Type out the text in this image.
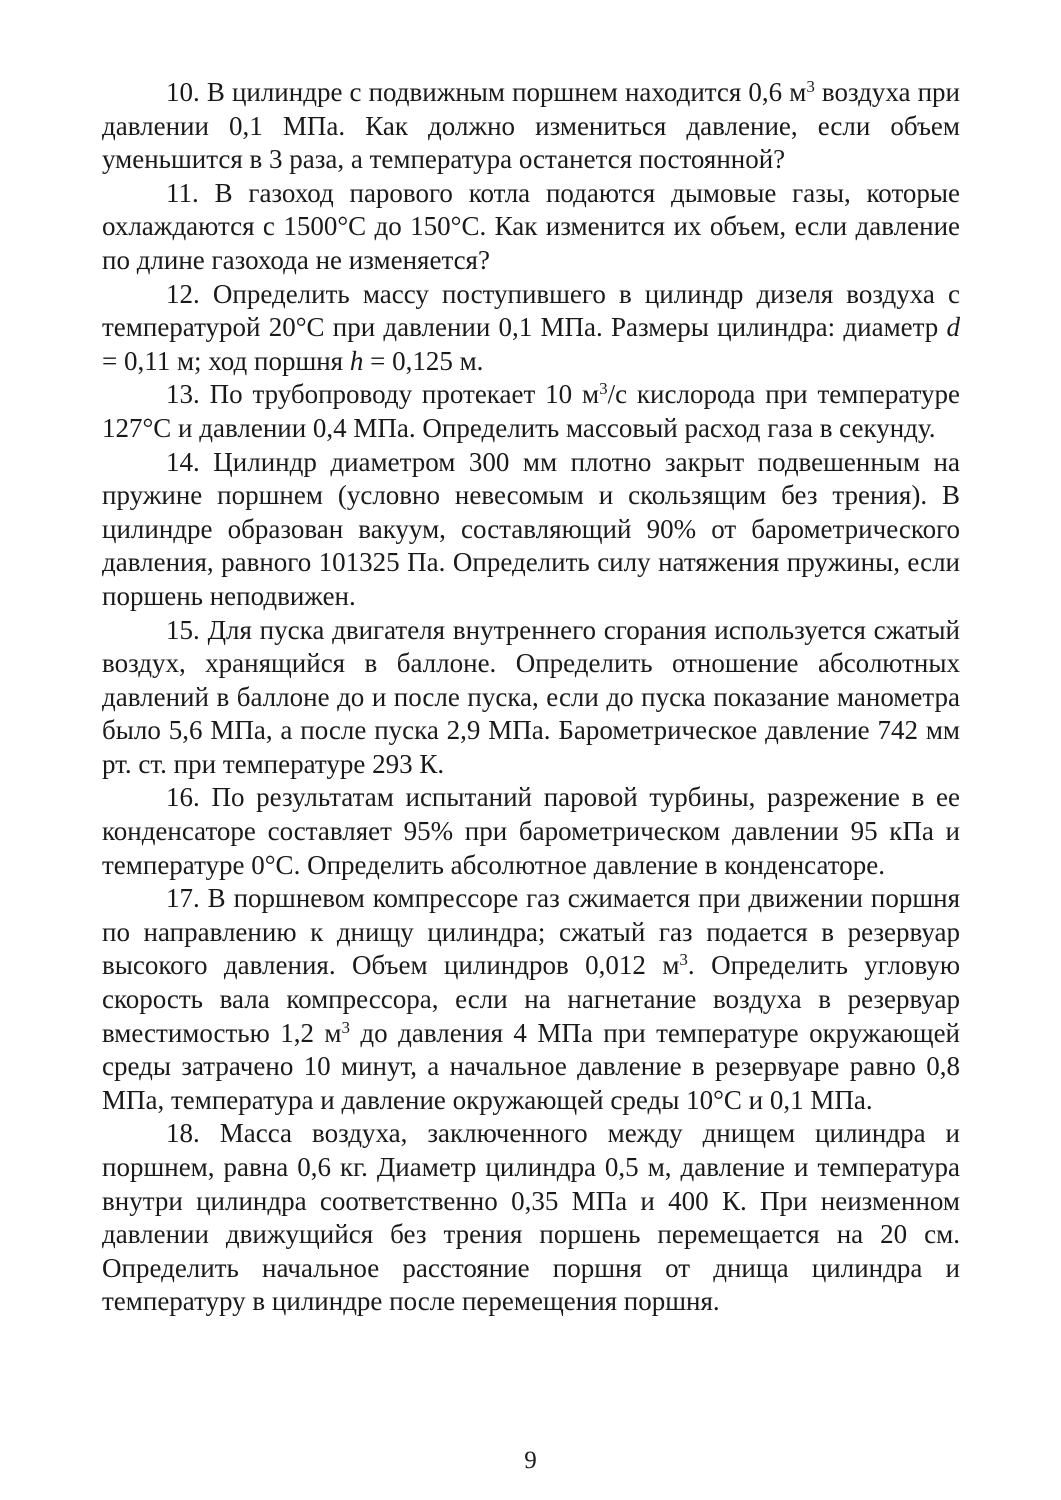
10. В цилиндре с подвижным поршнем находится 0,6 $м^3$ воздуха при давлении 0,1 МПа. Как должно измениться давление, если объем уменьшится в 3 раза, а температура останется постоянной?

11. В газоход парового котла подаются дымовые газы, которые охлаждаются с 1500°С до 150°С. Как изменится их объем, если давление по длине газохода не изменяется?

12. Определить массу поступившего в цилиндр дизеля воздуха с температурой 20°С при давлении 0,1 МПа. Размеры цилиндра: диаметр d = 0,11 м; ход поршня h = 0,125 м.

13. По трубопроводу протекает 10 $м^3/с$ кислорода при температуре 127°С и давлении 0,4 МПа. Определить массовый расход газа в секунду.

14. Цилиндр диаметром 300 мм плотно закрыт подвешенным на пружине поршнем (условно невесомым и скользящим без трения). В цилиндре образован вакуум, составляющий 90% от барометрического давления, равного 101325 Па. Определить силу натяжения пружины, если поршень неподвижен.

15. Для пуска двигателя внутреннего сгорания используется сжатый воздух, хранящийся в баллоне. Определить отношение абсолютных давлений в баллоне до и после пуска, если до пуска показание манометра было 5,6 МПа, а после пуска 2,9 МПа. Барометрическое давление 742 мм рт. ст. при температуре 293 К.

16. По результатам испытаний паровой турбины, разрежение в ее конденсаторе составляет 95% при барометрическом давлении 95 кПа и температуре 0°С. Определить абсолютное давление в конденсаторе.

17. В поршневом компрессоре газ сжимается при движении поршня по направлению к днищу цилиндра; сжатый газ подается в резервуар высокого давления. Объем цилиндров 0,012 $м^3$. Определить угловую скорость вала компрессора, если на нагнетание воздуха в резервуар вместимостью 1,2 $м^3$ до давления 4 МПа при температуре окружающей среды затрачено 10 минут, а начальное давление в резервуаре равно 0,8 МПа, температура и давление окружающей среды 10°С и 0,1 МПа.

18. Масса воздуха, заключенного между днищем цилиндра и поршнем, равна 0,6 кг. Диаметр цилиндра 0,5 м, давление и температура внутри цилиндра соответственно 0,35 МПа и 400 К. При неизменном давлении движущийся без трения поршень перемещается на 20 см. Определить начальное расстояние поршня от днища цилиндра и температуру в цилиндре после перемещения поршня.

9
